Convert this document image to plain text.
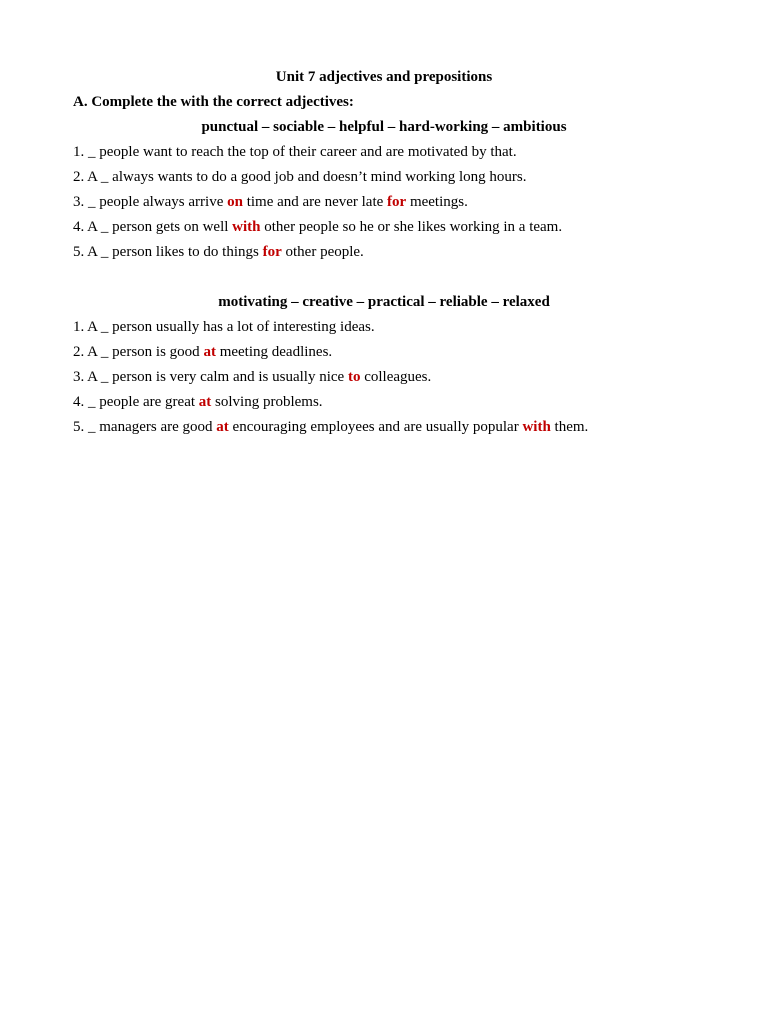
Unit 7 adjectives and prepositions

A. Complete the with the correct adjectives:

punctual – sociable – helpful – hard-working – ambitious

1. _ people want to reach the top of their career and are motivated by that.
2. A _ always wants to do a good job and doesn’t mind working long hours.
3. _ people always arrive on time and are never late for meetings.
4. A _ person gets on well with other people so he or she likes working in a team.
5. A _ person likes to do things for other people.

motivating – creative – practical – reliable – relaxed

1. A _ person usually has a lot of interesting ideas.
2. A _ person is good at meeting deadlines.
3. A _ person is very calm and is usually nice to colleagues.
4. _ people are great at solving problems.
5. _ managers are good at encouraging employees and are usually popular with them.
